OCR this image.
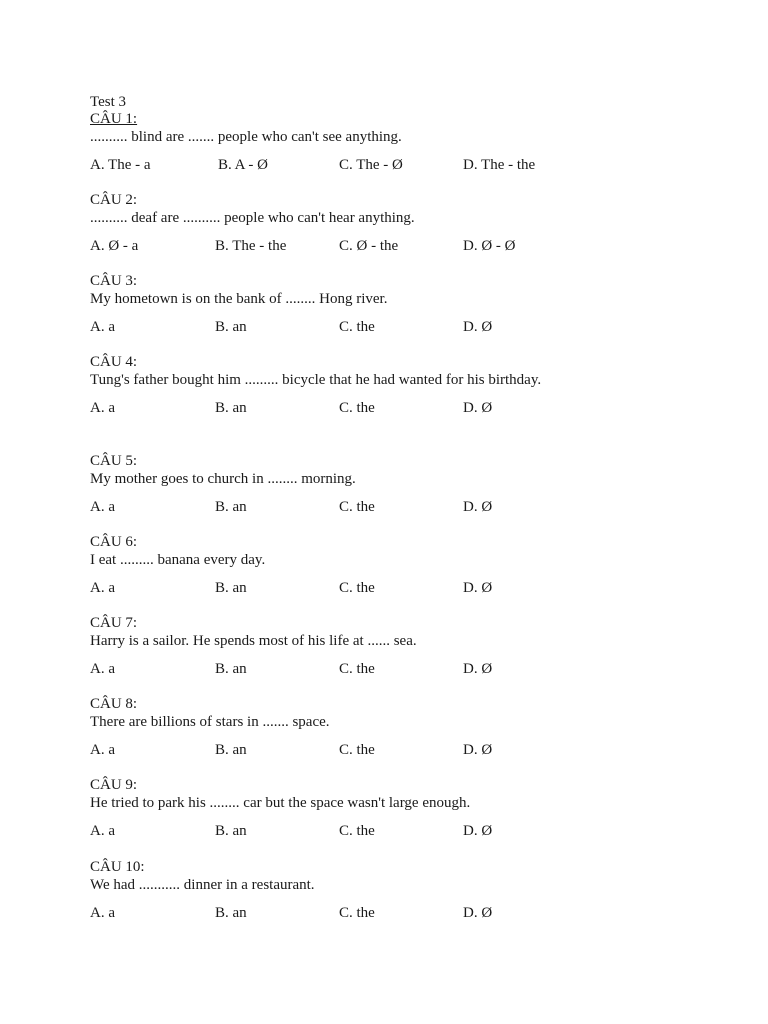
Test 3
CÂU 1:
.......... blind are ....... people who can't see anything.
A. The - a	B. A - Ø	C. The - Ø	D. The - the
CÂU 2:
.......... deaf are .......... people who can't hear anything.
A. Ø - a	B. The - the	C. Ø - the	D. Ø - Ø
CÂU 3:
My hometown is on the bank of ........ Hong river.
A. a	B. an	C. the	D. Ø
CÂU 4:
Tung's father bought him ......... bicycle that he had wanted for his birthday.
A. a	B. an	C. the	D. Ø
CÂU 5:
My mother goes to church in ........ morning.
A. a	B. an	C. the	D. Ø
CÂU 6:
I eat ......... banana every day.
A. a	B. an	C. the	D. Ø
CÂU 7:
Harry is a sailor. He spends most of his life at ...... sea.
A. a	B. an	C. the	D. Ø
CÂU 8:
There are billions of stars in ....... space.
A. a	B. an	C. the	D. Ø
CÂU 9:
He tried to park his ........ car but the space wasn't large enough.
A. a	B. an	C. the	D. Ø
CÂU 10:
We had ........... dinner in a restaurant.
A. a	B. an	C. the	D. Ø
